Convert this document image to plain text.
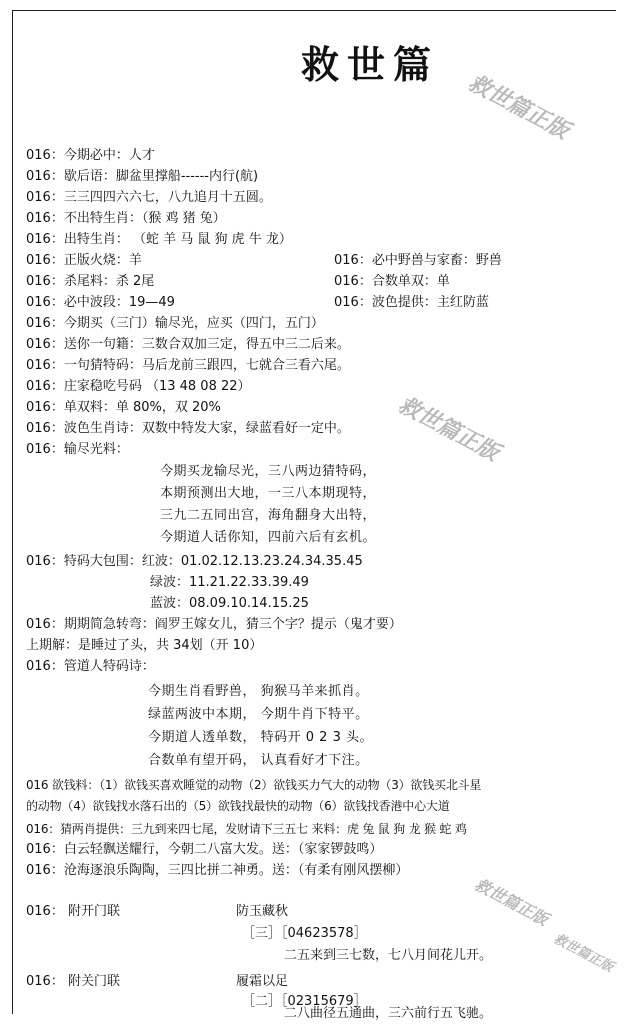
救世篇
救世篇正版
救世篇正版
救世篇正版
救世篇正版
016：今期必中：人才
016：歇后语：脚盆里撑船------内行(航)
016：三三四四六六七，八九追月十五圆。
016：不出特生肖：（猴 鸡 猪 兔）
016：出特生肖： （蛇 羊 马 鼠 狗 虎 牛 龙）
016：正版火烧：羊	016：必中野兽与家畜：野兽
016：杀尾料：杀 2尾	016：合数单双：单
016：必中波段：19—49	016：波色提供：主红防蓝
016：今期买（三门）输尽光，应买（四门，五门）
016：送你一句籍：三数合双加三定，得五中三二后来。
016：一句猜特码：马后龙前三跟四，七就合三看六尾。
016：庄家稳吃号码 （13 48 08 22）
016：单双料：单 80%，双 20%
016：波色生肖诗：双数中特发大家，绿蓝看好一定中。
016：输尽光料：
今期买龙输尽光，三八两边猜特码，
本期预测出大地，一三八本期现特，
三九二五同出宫，海角翻身大出特，
今期道人话你知，四前六后有玄机。
016：特码大包围：红波：01.02.12.13.23.24.34.35.45
绿波：11.21.22.33.39.49
蓝波：08.09.10.14.15.25
016：期期简急转弯：阎罗王嫁女儿，猜三个字？提示（鬼才要）
上期解：是睡过了头，共 34划（开 10）
016：管道人特码诗：
今期生肖看野兽， 狗猴马羊来抓肖。
绿蓝两波中本期， 今期牛肖下特平。
今期道人透单数， 特码开 0 2 3 头。
合数单有望开码， 认真看好才下注。
016 欲钱料：（1）欲钱买喜欢睡觉的动物（2）欲钱买力气大的动物（3）欲钱买北斗星
的动物（4）欲钱找水落石出的（5）欲钱找最快的动物（6）欲钱找香港中心大道
016：猜两肖提供：三九到来四七尾，发财请下三五七 来料：虎 兔 鼠 狗 龙 猴 蛇 鸡
016：白云轻飘送耀行，今朝二八富大发。送：（家家锣鼓鸣）
016：沧海逐浪乐陶陶，三四比拼二神勇。送：（有柔有刚风摆柳）
016： 附开门联	防玉藏秋
［三］［04623578］
二五来到三七数，七八月间花儿开。
016： 附关门联	履霜以足
［二］［02315679］
二八曲径五通曲，三六前行五飞驰。
